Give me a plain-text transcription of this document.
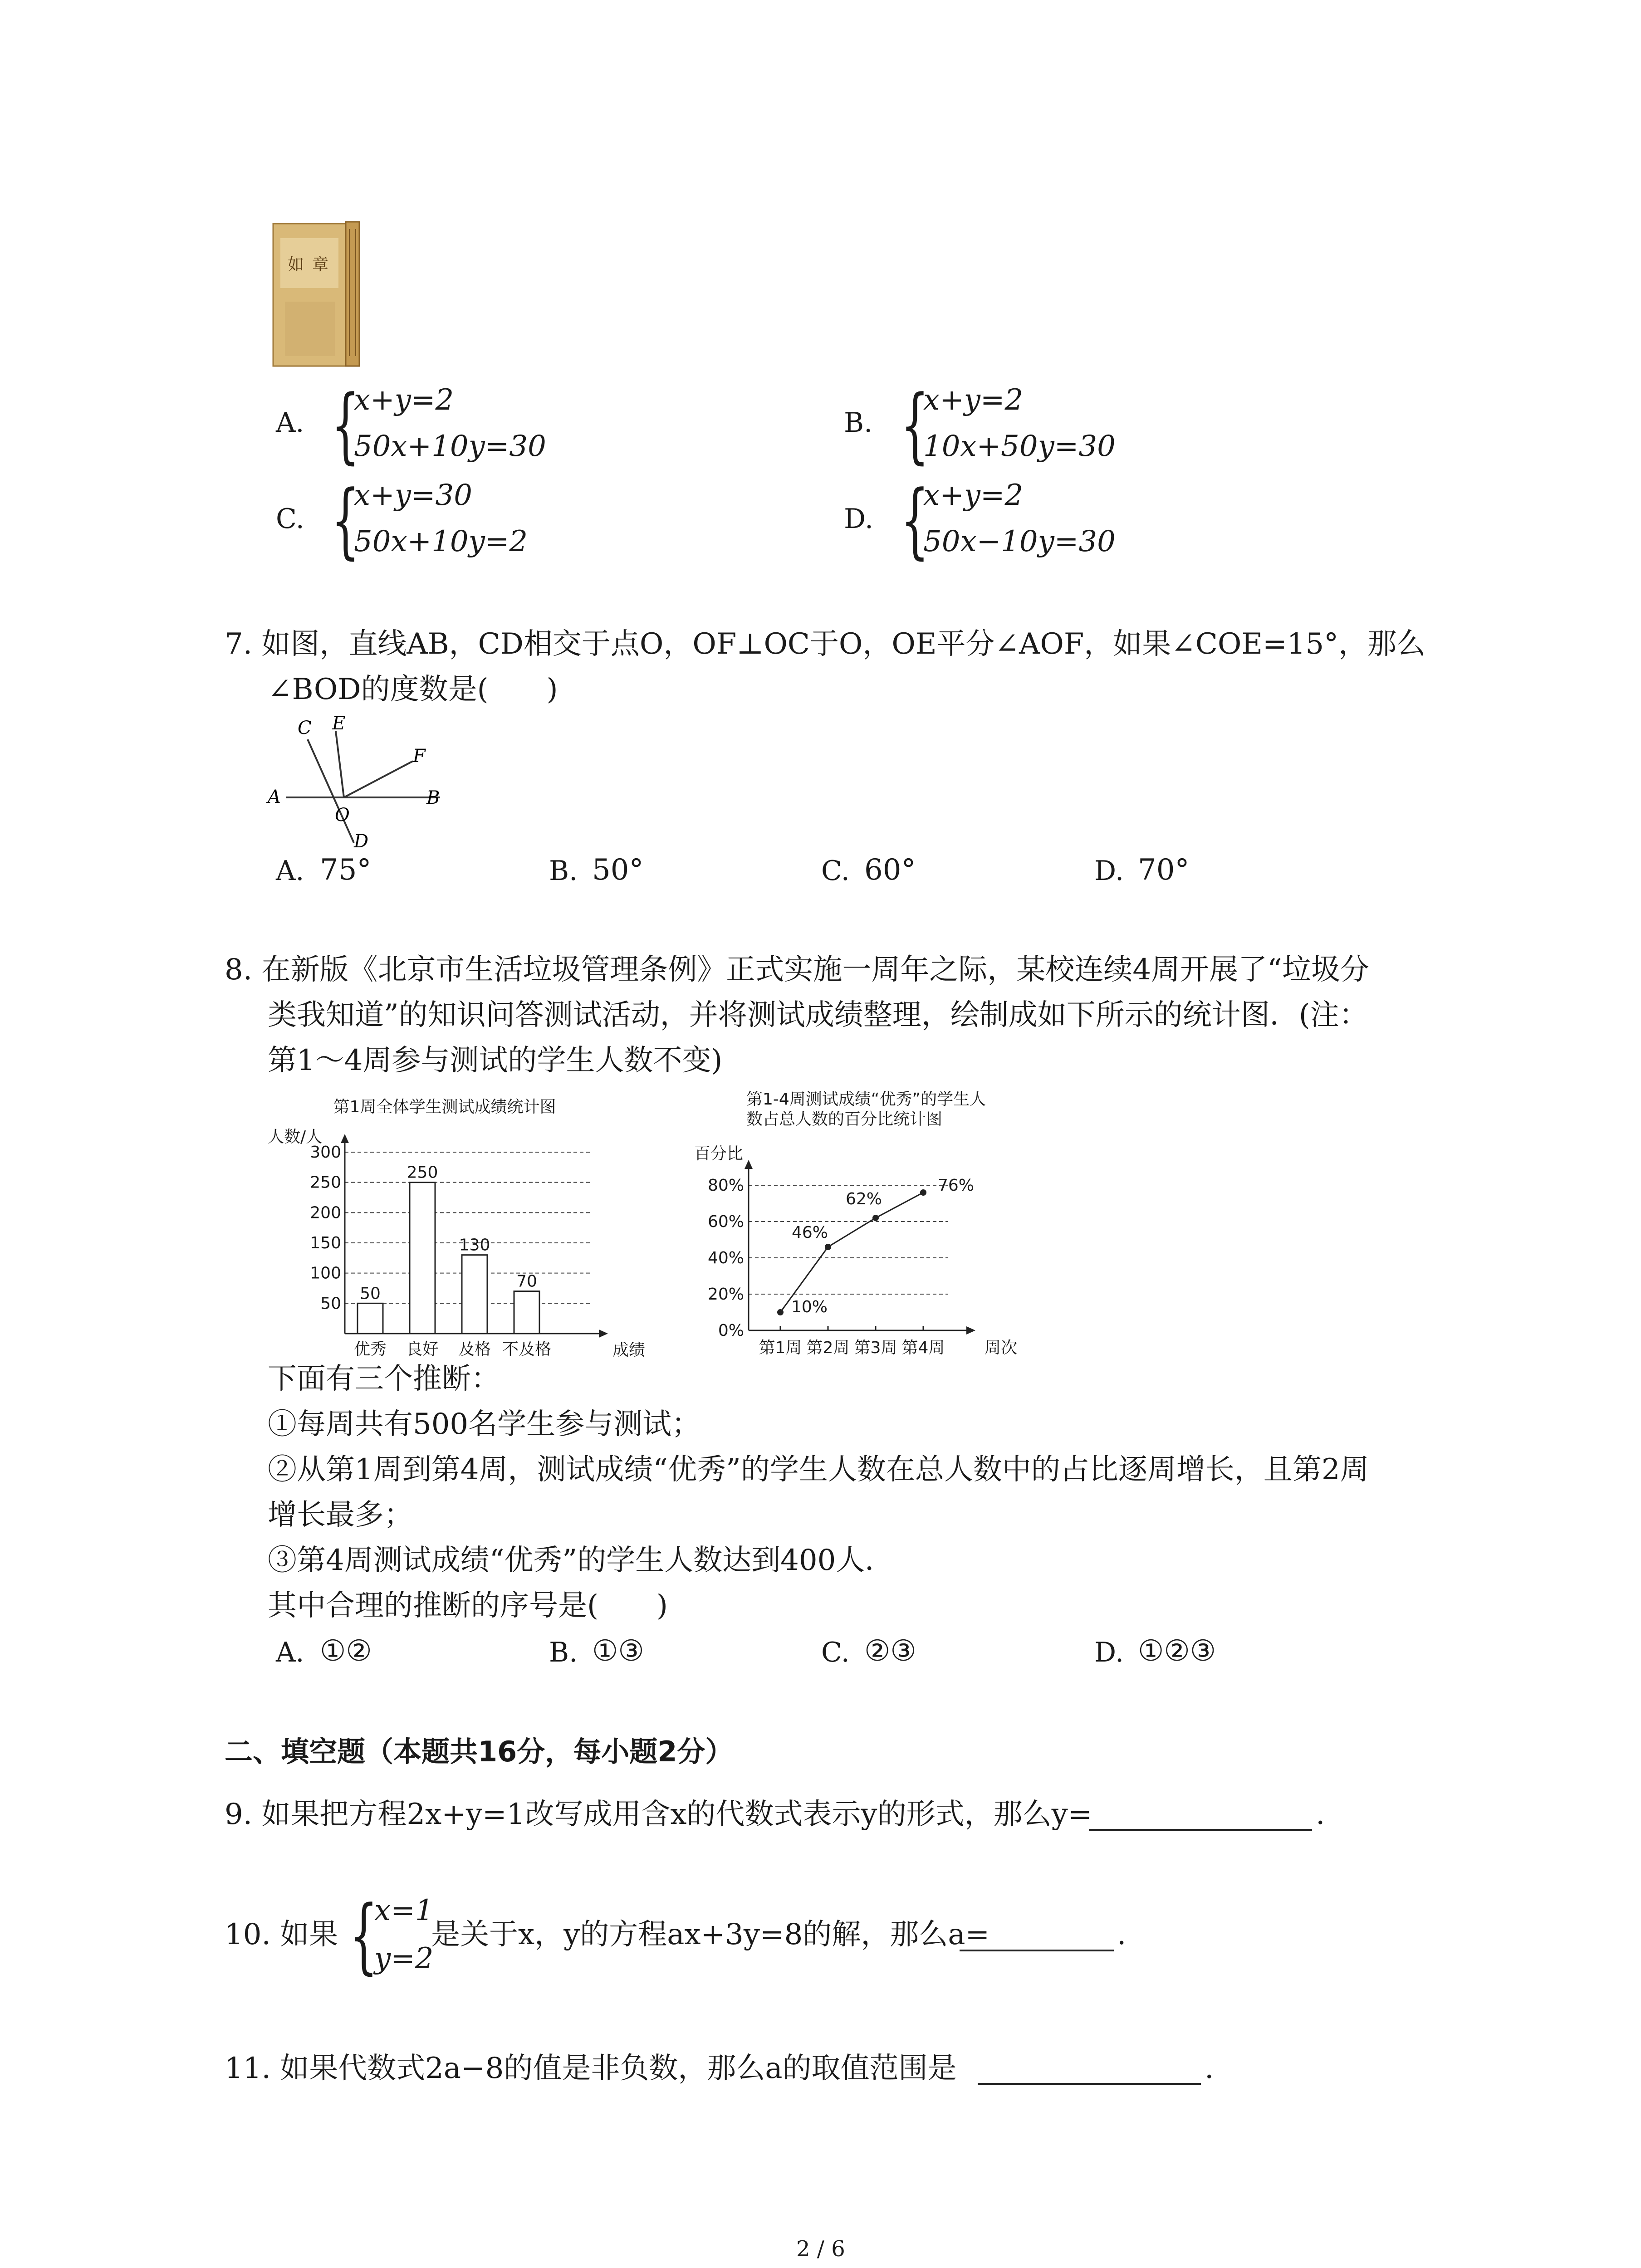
如 章
A. {
x+y=2
50x+10y=30
B. {
x+y=2
10x+50y=30
C. {
x+y=30
50x+10y=2
D. {
x+y=2
50x−10y=30
7. 如图，直线AB，CD相交于点O，OF⊥OC于O，OE平分∠AOF，如果∠COE=15°，那么
∠BOD的度数是(　　)
C E
F
A	B
O
D
A. 75°	B. 50°	C. 60°	D. 70°
8. 在新版《北京市生活垃圾管理条例》正式实施一周年之际，某校连续4周开展了“垃圾分
类我知道”的知识问答测试活动，并将测试成绩整理，绘制成如下所示的统计图．(注：
第1～4周参与测试的学生人数不变)
第1周全体学生测试成绩统计图
人数/人
50
100
150
200
250
300
成绩
50
优秀
250
良好
130
及格
70
不及格
第1-4周测试成绩“优秀”的学生人
数占总人数的百分比统计图
百分比
0%
20%
40%
60%
80%
周次
第1周 第2周 第3周 第4周
10%
46%
62%
76%
下面有三个推断：
①每周共有500名学生参与测试；
②从第1周到第4周，测试成绩“优秀”的学生人数在总人数中的占比逐周增长，且第2周
增长最多；
③第4周测试成绩“优秀”的学生人数达到400人．
其中合理的推断的序号是(　　)
A. ①②	B. ①③	C. ②③	D. ①②③
二、填空题（本题共16分，每小题2分）
9. 如果把方程2x+y=1改写成用含x的代数式表示y的形式，那么y=	.
10. 如果 {
x=1
y=2
是关于x，y的方程ax+3y=8的解，那么a=	.
11. 如果代数式2a−8的值是非负数，那么a的取值范围是	.
2 / 6
